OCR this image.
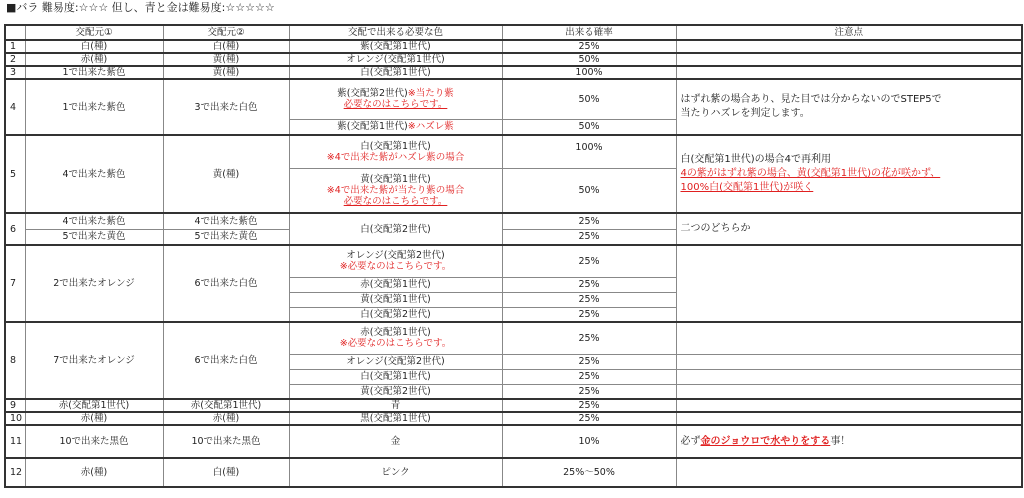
■バラ 難易度:☆☆☆ 但し、青と金は難易度:☆☆☆☆☆
	交配元①	交配元②	交配で出来る必要な色	出来る確率	注意点
1	白(種)	白(種)	紫(交配第1世代)	25%	
2	赤(種)	黄(種)	オレンジ(交配第1世代)	50%	
3	1で出来た紫色	黄(種)	白(交配第1世代)	100%	
4	1で出来た紫色	3で出来た白色	紫(交配第2世代)※当たり紫
必要なのはこちらです。	50%	はずれ紫の場合あり、見た目では分からないのでSTEP5で
当たりハズレを判定します。
			紫(交配第1世代)※ハズレ紫	50%	
5	4で出来た紫色	黄(種)	白(交配第1世代)
※4で出来た紫がハズレ紫の場合	100%	白(交配第1世代)の場合4で再利用
4の紫がはずれ紫の場合、黄(交配第1世代)の花が咲かず、
100%白(交配第1世代)が咲く
			黄(交配第1世代)
※4で出来た紫が当たり紫の場合
必要なのはこちらです。	50%	
6	4で出来た紫色	4で出来た紫色	白(交配第2世代)	25%	二つのどちらか
	5で出来た黄色	5で出来た黄色		25%	
7	2で出来たオレンジ	6で出来た白色	オレンジ(交配第2世代)
※必要なのはこちらです。	25%	
			赤(交配第1世代)	25%	
			黄(交配第1世代)	25%	
			白(交配第2世代)	25%	
8	7で出来たオレンジ	6で出来た白色	赤(交配第1世代)
※必要なのはこちらです。	25%	
			オレンジ(交配第2世代)	25%	
			白(交配第1世代)	25%	
			黄(交配第2世代)	25%	
9	赤(交配第1世代)	赤(交配第1世代)	青	25%	
10	赤(種)	赤(種)	黒(交配第1世代)	25%	
11	10で出来た黒色	10で出来た黒色	金	10%	必ず金のジョウロで水やりをする事！
12	赤(種)	白(種)	ピンク	25%～50%	
